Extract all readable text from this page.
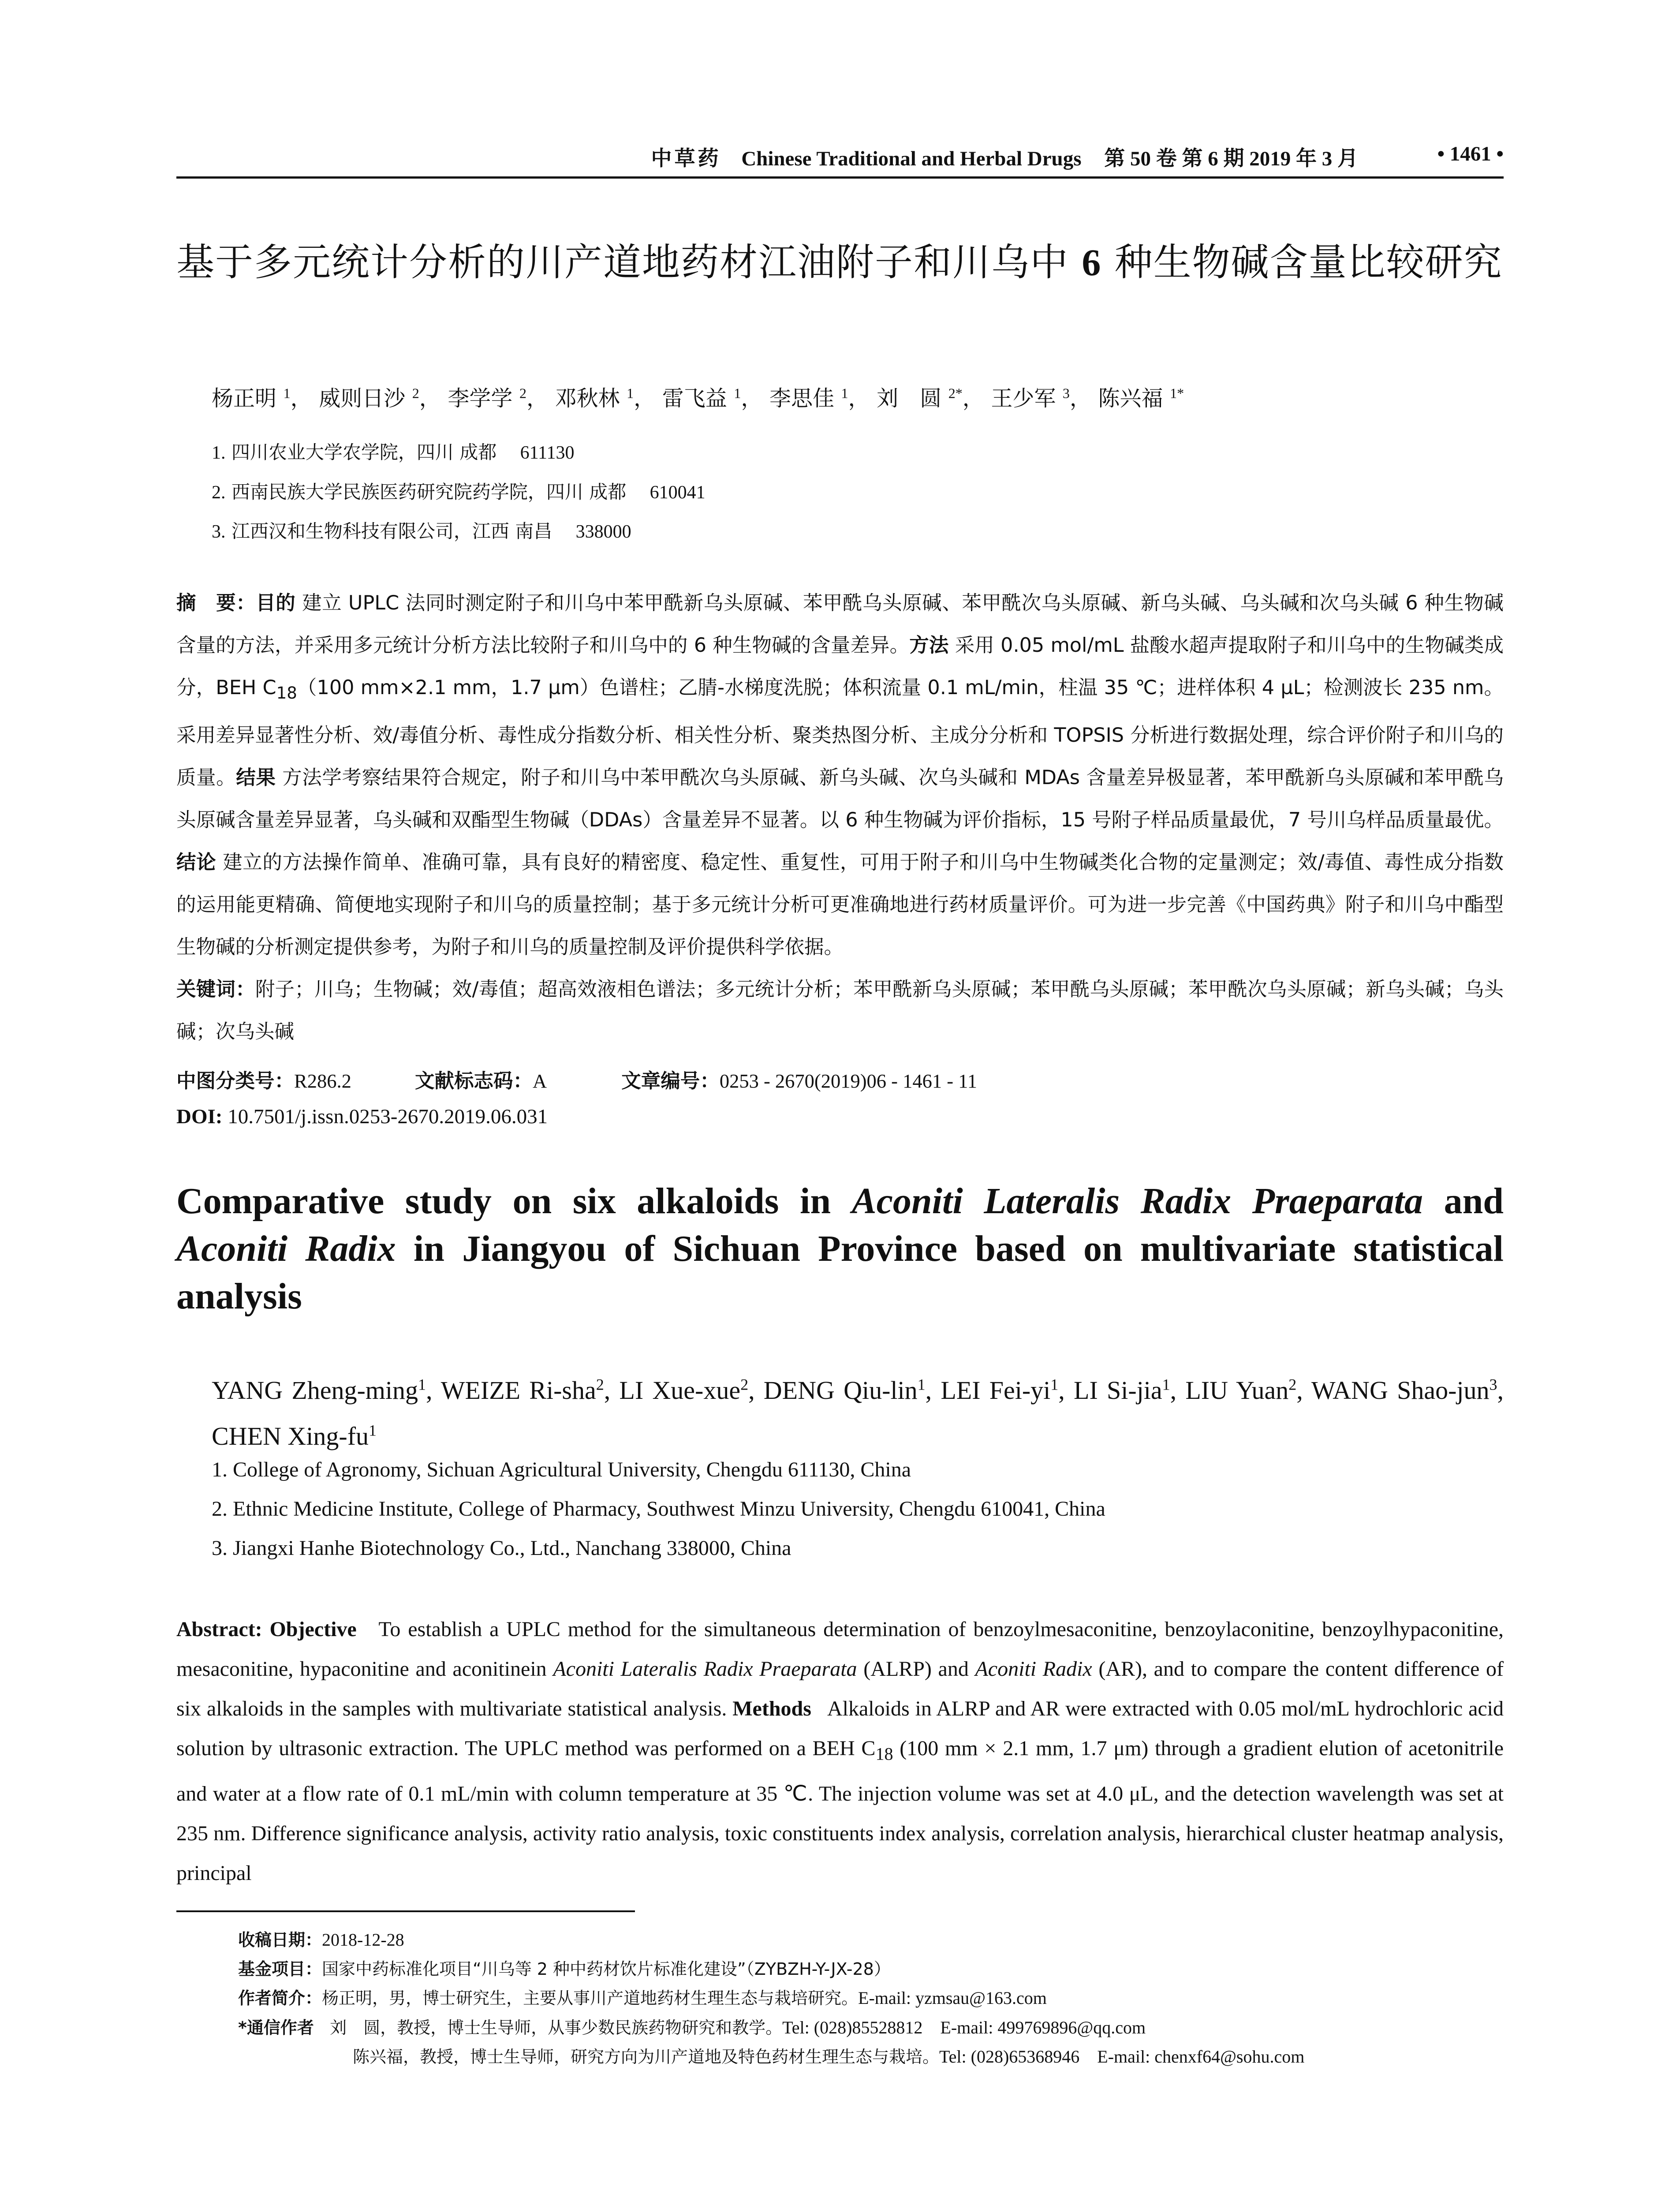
中草药 Chinese Traditional and Herbal Drugs 第 50 卷 第 6 期 2019 年 3 月	• 1461 •
基于多元统计分析的川产道地药材江油附子和川乌中 6 种生物碱含量比较研究
杨正明 $^1$， 威则日沙 $^2$， 李学学 $^2$， 邓秋林 $^1$， 雷飞益 $^1$， 李思佳 $^1$， 刘　圆 $^{2*}$， 王少军 $^3$， 陈兴福 $^{1*}$
1. 四川农业大学农学院，四川 成都 611130
2. 西南民族大学民族医药研究院药学院，四川 成都 610041
3. 江西汉和生物科技有限公司，江西 南昌 338000
摘　要：目的 建立 UPLC 法同时测定附子和川乌中苯甲酰新乌头原碱、苯甲酰乌头原碱、苯甲酰次乌头原碱、新乌头碱、乌头碱和次乌头碱 6 种生物碱含量的方法，并采用多元统计分析方法比较附子和川乌中的 6 种生物碱的含量差异。方法 采用 0.05 mol/mL 盐酸水超声提取附子和川乌中的生物碱类成分，BEH $C_{18}(100$ mm×2.1 mm，1.7 μm）色谱柱；乙腈-水梯度洗脱；体积流量 0.1 mL/min，柱温 35 ℃；进样体积 4 μL；检测波长 235 nm。采用差异显著性分析、效/毒值分析、毒性成分指数分析、相关性分析、聚类热图分析、主成分分析和 TOPSIS 分析进行数据处理，综合评价附子和川乌的质量。结果 方法学考察结果符合规定，附子和川乌中苯甲酰次乌头原碱、新乌头碱、次乌头碱和 MDAs 含量差异极显著，苯甲酰新乌头原碱和苯甲酰乌头原碱含量差异显著，乌头碱和双酯型生物碱（DDAs）含量差异不显著。以 6 种生物碱为评价指标，15 号附子样品质量最优，7 号川乌样品质量最优。结论 建立的方法操作简单、准确可靠，具有良好的精密度、稳定性、重复性，可用于附子和川乌中生物碱类化合物的定量测定；效/毒值、毒性成分指数的运用能更精确、简便地实现附子和川乌的质量控制；基于多元统计分析可更准确地进行药材质量评价。可为进一步完善《中国药典》附子和川乌中酯型生物碱的分析测定提供参考，为附子和川乌的质量控制及评价提供科学依据。
关键词：附子；川乌；生物碱；效/毒值；超高效液相色谱法；多元统计分析；苯甲酰新乌头原碱；苯甲酰乌头原碱；苯甲酰次乌头原碱；新乌头碱；乌头碱；次乌头碱
中图分类号：R286.2	文献标志码：A	文章编号：0253 - 2670(2019)06 - 1461 - 11
DOI: 10.7501/j.issn.0253-2670.2019.06.031
Comparative study on six alkaloids in Aconiti Lateralis Radix Praeparata and Aconiti Radix in Jiangyou of Sichuan Province based on multivariate statistical analysis
YANG Zheng-ming$^1$, WEIZE Ri-sha$^2$, LI Xue-xue$^2$, DENG Qiu-lin$^1$, LEI Fei-$yi^1$, LI Si-jia$^1$, LIU Yuan$^2$, WANG Shao-jun$^3$, CHEN Xing-$fu^1$
1. College of Agronomy, Sichuan Agricultural University, Chengdu 611130, China
2. Ethnic Medicine Institute, College of Pharmacy, Southwest Minzu University, Chengdu 610041, China
3. Jiangxi Hanhe Biotechnology Co., Ltd., Nanchang 338000, China
Abstract: Objective To establish a UPLC method for the simultaneous determination of benzoylmesaconitine, benzoylaconitine, benzoylhypaconitine, mesaconitine, hypaconitine and aconitinein Aconiti Lateralis Radix Praeparata (ALRP) and Aconiti Radix (AR), and to compare the content difference of six alkaloids in the samples with multivariate statistical analysis. Methods Alkaloids in ALRP and AR were extracted with 0.05 mol/mL hydrochloric acid solution by ultrasonic extraction. The UPLC method was performed on a BEH $C_{18}$ (100 mm × 2.1 mm, 1.7 μm) through a gradient elution of acetonitrile and water at a flow rate of 0.1 mL/min with column temperature at 35 ℃. The injection volume was set at 4.0 μL, and the detection wavelength was set at 235 nm. Difference significance analysis, activity ratio analysis, toxic constituents index analysis, correlation analysis, hierarchical cluster heatmap analysis, principal
收稿日期：2018-12-28
基金项目：国家中药标准化项目“川乌等 2 种中药材饮片标准化建设”（ZYBZH-Y-JX-28）
作者简介：杨正明，男，博士研究生，主要从事川产道地药材生理生态与栽培研究。E-mail: yzmsau@163.com
*通信作者 刘　圆，教授，博士生导师，从事少数民族药物研究和教学。Tel: (028)85528812　E-mail: 499769896@qq.com
陈兴福，教授，博士生导师，研究方向为川产道地及特色药材生理生态与栽培。Tel: (028)65368946　E-mail: chenxf64@sohu.com
